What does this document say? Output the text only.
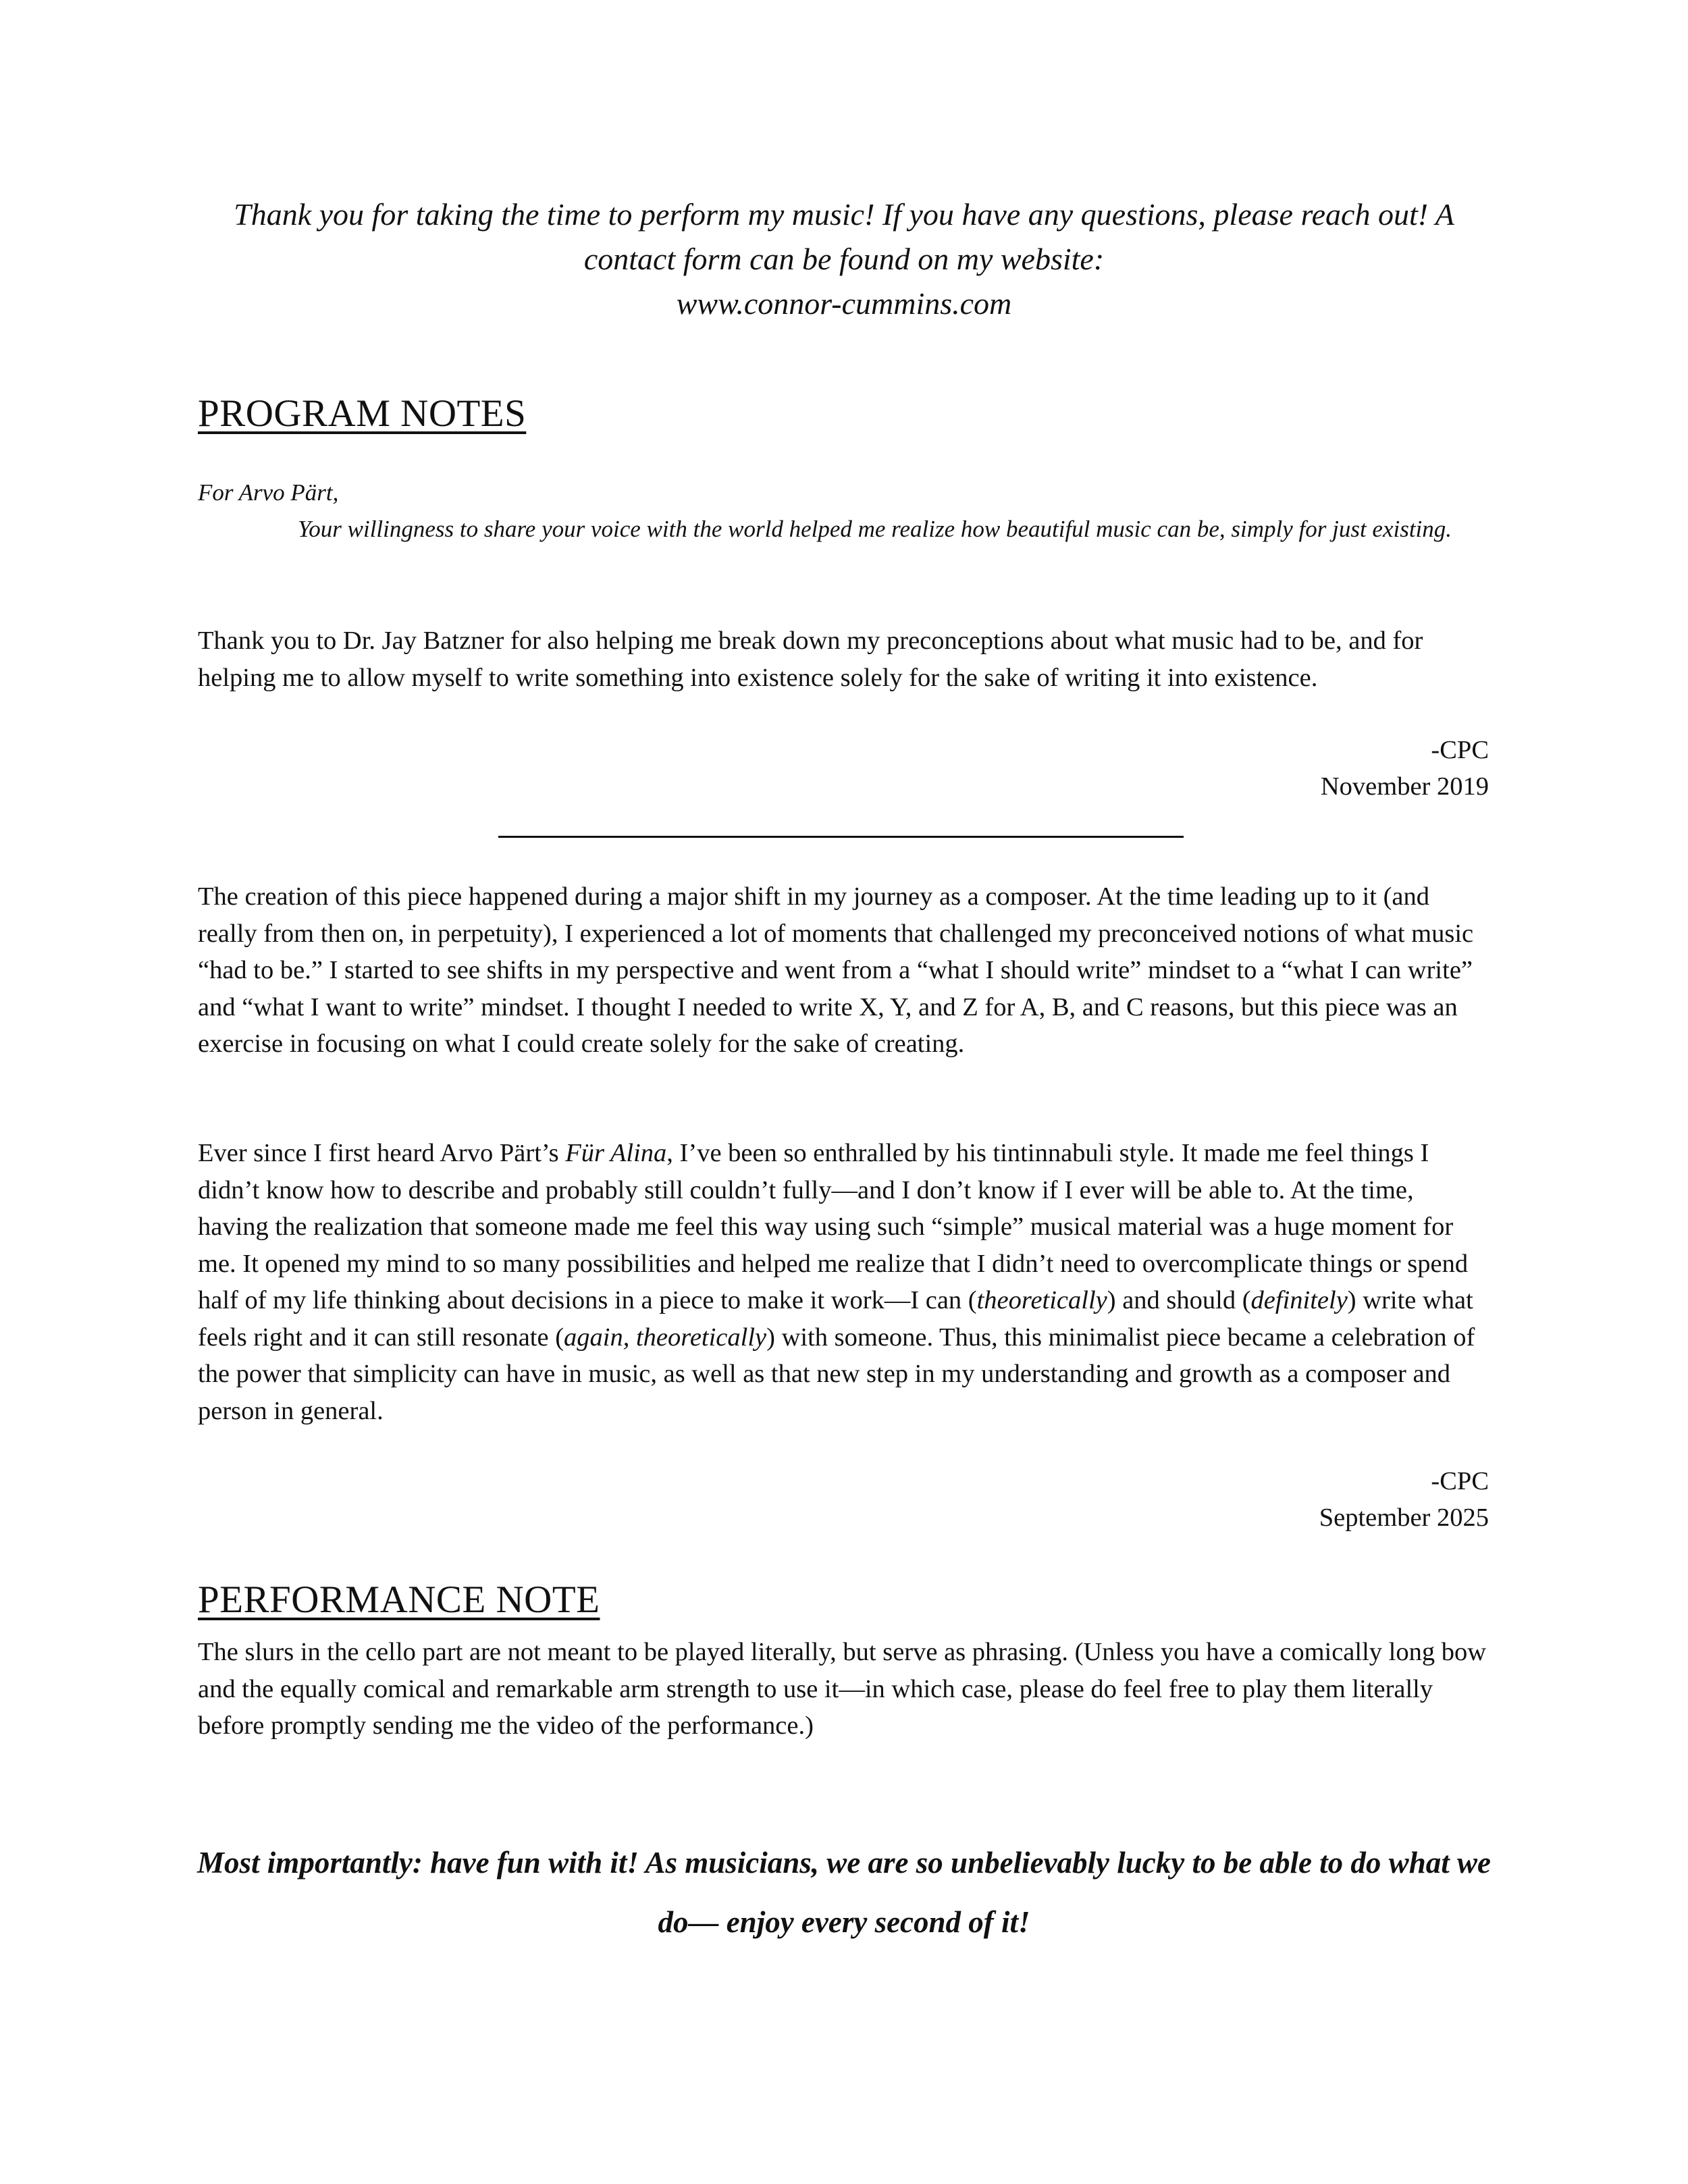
Thank you for taking the time to perform my music! If you have any questions, please reach out! A contact form can be found on my website:

www.connor-cummins.com

PROGRAM NOTES

For Arvo Pärt,

Your willingness to share your voice with the world helped me realize how beautiful music can be, simply for just existing.

Thank you to Dr. Jay Batzner for also helping me break down my preconceptions about what music had to be, and for helping me to allow myself to write something into existence solely for the sake of writing it into existence.

-CPC
November 2019

The creation of this piece happened during a major shift in my journey as a composer. At the time leading up to it (and really from then on, in perpetuity), I experienced a lot of moments that challenged my preconceived notions of what music “had to be.” I started to see shifts in my perspective and went from a “what I should write” mindset to a “what I can write” and “what I want to write” mindset. I thought I needed to write X, Y, and Z for A, B, and C reasons, but this piece was an exercise in focusing on what I could create solely for the sake of creating.

Ever since I first heard Arvo Pärt’s Für Alina, I’ve been so enthralled by his tintinnabuli style. It made me feel things I didn’t know how to describe and probably still couldn’t fully—and I don’t know if I ever will be able to. At the time, having the realization that someone made me feel this way using such “simple” musical material was a huge moment for me. It opened my mind to so many possibilities and helped me realize that I didn’t need to overcomplicate things or spend half of my life thinking about decisions in a piece to make it work—I can (theoretically) and should (definitely) write what feels right and it can still resonate (again, theoretically) with someone. Thus, this minimalist piece became a celebration of the power that simplicity can have in music, as well as that new step in my understanding and growth as a composer and person in general.

-CPC
September 2025
PERFORMANCE NOTE

The slurs in the cello part are not meant to be played literally, but serve as phrasing. (Unless you have a comically long bow and the equally comical and remarkable arm strength to use it—in which case, please do feel free to play them literally before promptly sending me the video of the performance.)

Most importantly: have fun with it! As musicians, we are so unbelievably lucky to be able to do what we do— enjoy every second of it!
